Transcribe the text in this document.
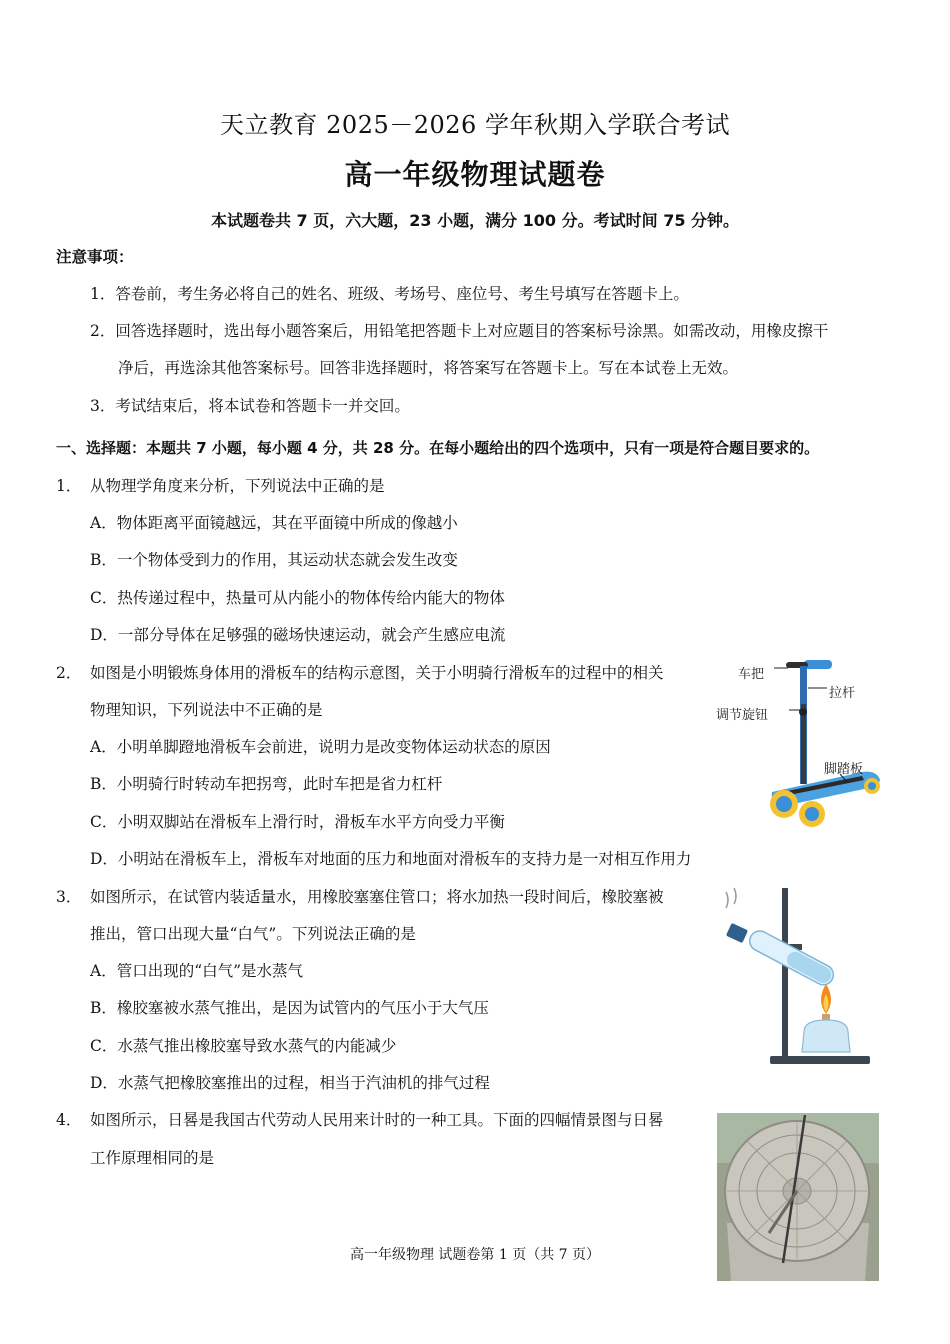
天立教育 2025－2026 学年秋期入学联合考试
高一年级物理试题卷
本试题卷共 7 页，六大题，23 小题，满分 100 分。考试时间 75 分钟。
注意事项：
1．答卷前，考生务必将自己的姓名、班级、考场号、座位号、考生号填写在答题卡上。
2．回答选择题时，选出每小题答案后，用铅笔把答题卡上对应题目的答案标号涂黑。如需改动，用橡皮擦干
净后，再选涂其他答案标号。回答非选择题时，将答案写在答题卡上。写在本试卷上无效。
3．考试结束后，将本试卷和答题卡一并交回。
一、选择题：本题共 7 小题，每小题 4 分，共 28 分。在每小题给出的四个选项中，只有一项是符合题目要求的。
1． 从物理学角度来分析，下列说法中正确的是
A．物体距离平面镜越远，其在平面镜中所成的像越小
B．一个物体受到力的作用，其运动状态就会发生改变
C．热传递过程中，热量可从内能小的物体传给内能大的物体
D．一部分导体在足够强的磁场快速运动，就会产生感应电流
2． 如图是小明锻炼身体用的滑板车的结构示意图，关于小明骑行滑板车的过程中的相关
物理知识，下列说法中不正确的是
A．小明单脚蹬地滑板车会前进，说明力是改变物体运动状态的原因
B．小明骑行时转动车把拐弯，此时车把是省力杠杆
C．小明双脚站在滑板车上滑行时，滑板车水平方向受力平衡
D．小明站在滑板车上，滑板车对地面的压力和地面对滑板车的支持力是一对相互作用力
车把
拉杆
调节旋钮
脚踏板
3． 如图所示，在试管内装适量水，用橡胶塞塞住管口；将水加热一段时间后，橡胶塞被
推出，管口出现大量“白气”。下列说法正确的是
A．管口出现的“白气”是水蒸气
B．橡胶塞被水蒸气推出，是因为试管内的气压小于大气压
C．水蒸气推出橡胶塞导致水蒸气的内能减少
D．水蒸气把橡胶塞推出的过程，相当于汽油机的排气过程
4． 如图所示，日晷是我国古代劳动人民用来计时的一种工具。下面的四幅情景图与日晷
工作原理相同的是
高一年级物理 试题卷第 1 页（共 7 页）
